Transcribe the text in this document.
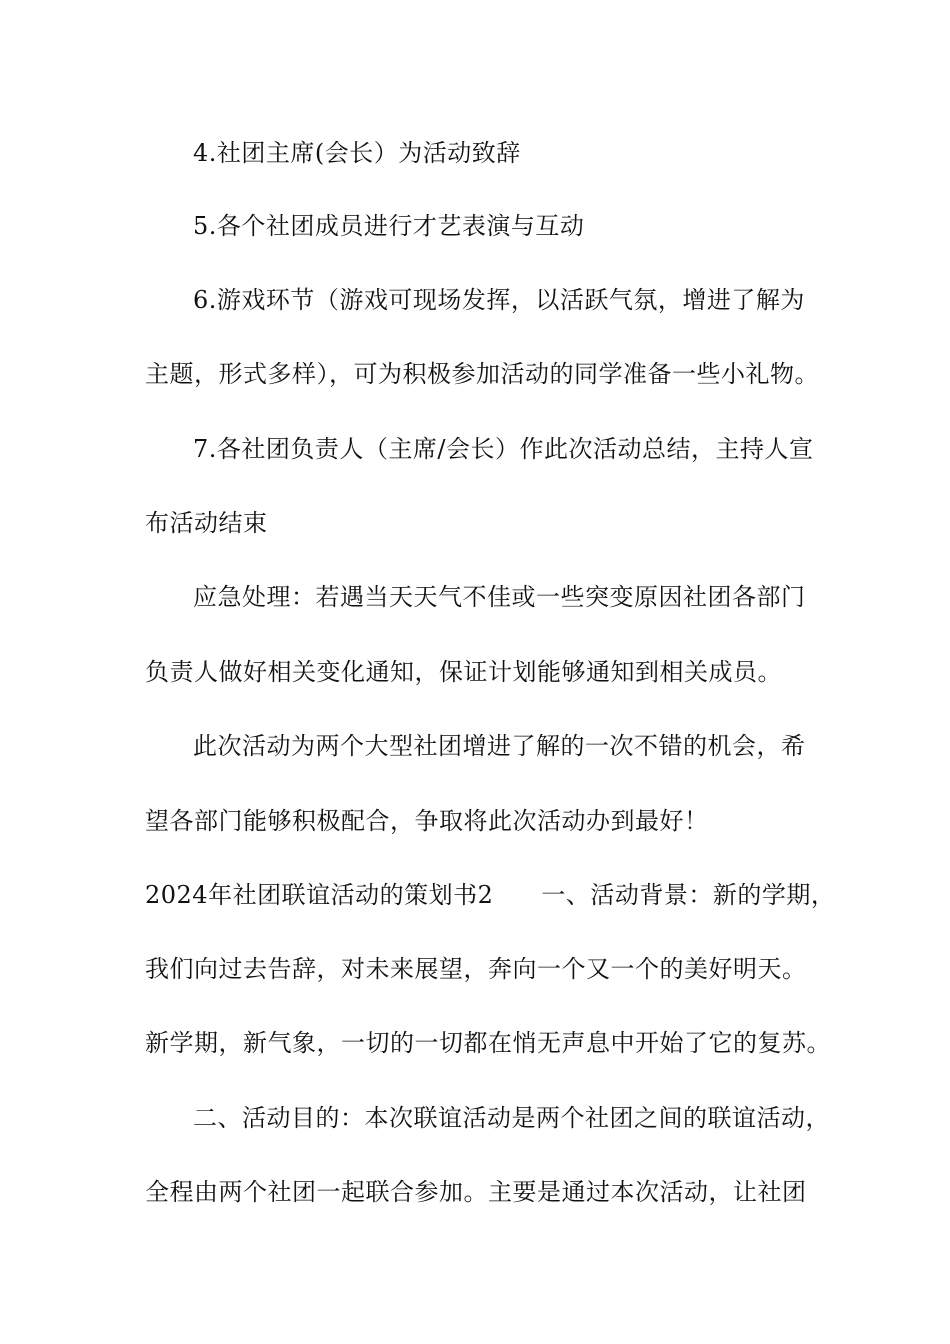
4.社团主席(会长）为活动致辞
5.各个社团成员进行才艺表演与互动
6.游戏环节（游戏可现场发挥，以活跃气氛，增进了解为
主题，形式多样），可为积极参加活动的同学准备一些小礼物。
7.各社团负责人（主席/会长）作此次活动总结，主持人宣
布活动结束
应急处理：若遇当天天气不佳或一些突变原因社团各部门
负责人做好相关变化通知，保证计划能够通知到相关成员。
此次活动为两个大型社团增进了解的一次不错的机会，希
望各部门能够积极配合，争取将此次活动办到最好！
2024年社团联谊活动的策划书2 一、活动背景：新的学期，
我们向过去告辞，对未来展望，奔向一个又一个的美好明天。
新学期，新气象，一切的一切都在悄无声息中开始了它的复苏。
二、活动目的：本次联谊活动是两个社团之间的联谊活动，
全程由两个社团一起联合参加。主要是通过本次活动，让社团
